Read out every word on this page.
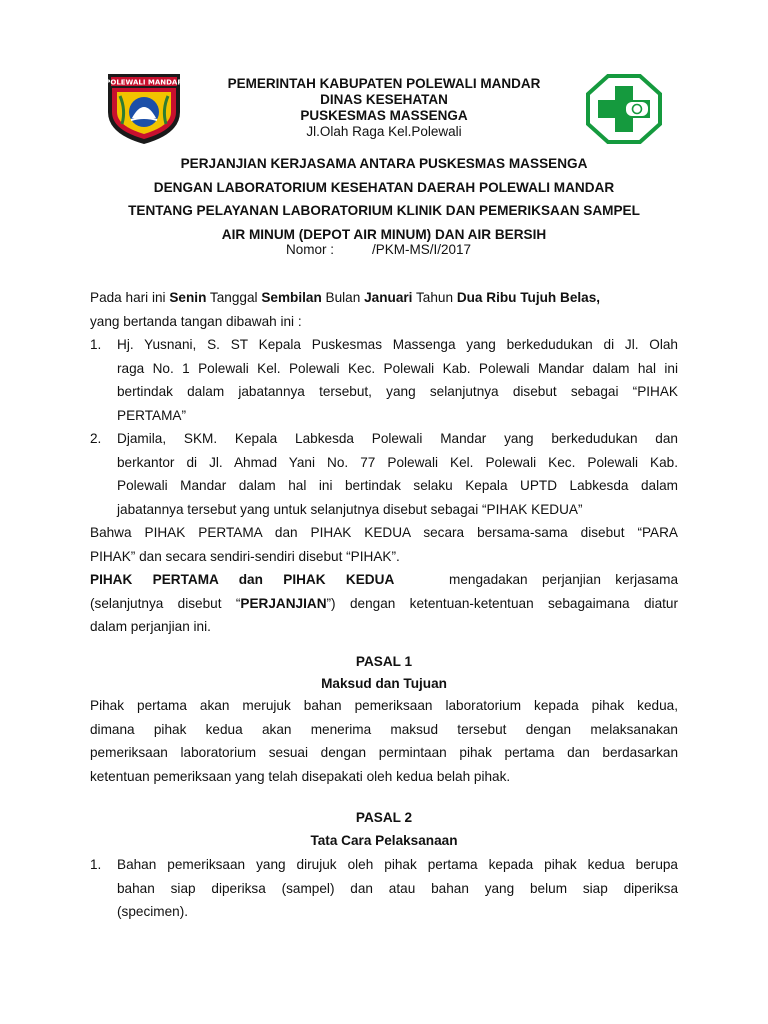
POLEWALI MANDAR	PEMERINTAH KABUPATEN POLEWALI MANDAR
DINAS KESEHATAN
PUSKESMAS MASSENGA
Jl.Olah Raga Kel.Polewali
PERJANJIAN KERJASAMA ANTARA PUSKESMAS MASSENGA
DENGAN LABORATORIUM KESEHATAN DAERAH POLEWALI MANDAR
TENTANG PELAYANAN LABORATORIUM KLINIK DAN PEMERIKSAAN SAMPEL
AIR MINUM (DEPOT AIR MINUM) DAN AIR BERSIH
Nomor :	/PKM-MS/I/2017
Pada hari ini Senin Tanggal Sembilan Bulan Januari Tahun Dua Ribu Tujuh Belas,
yang bertanda tangan dibawah ini :
1. Hj. Yusnani, S. ST Kepala Puskesmas Massenga yang berkedudukan di Jl. Olah
raga No. 1 Polewali Kel. Polewali Kec. Polewali Kab. Polewali Mandar dalam hal ini
bertindak dalam jabatannya tersebut, yang selanjutnya disebut sebagai “PIHAK
PERTAMA”
2. Djamila, SKM. Kepala Labkesda Polewali Mandar yang berkedudukan dan
berkantor di Jl. Ahmad Yani No. 77 Polewali Kel. Polewali Kec. Polewali Kab.
Polewali Mandar dalam hal ini bertindak selaku Kepala UPTD Labkesda dalam
jabatannya tersebut yang untuk selanjutnya disebut sebagai “PIHAK KEDUA”
Bahwa PIHAK PERTAMA dan PIHAK KEDUA secara bersama-sama disebut “PARA
PIHAK” dan secara sendiri-sendiri disebut “PIHAK”.
PIHAK PERTAMA dan PIHAK KEDUA	mengadakan perjanjian kerjasama
(selanjutnya disebut “PERJANJIAN”) dengan ketentuan-ketentuan sebagaimana diatur
dalam perjanjian ini.
PASAL 1
Maksud dan Tujuan
Pihak pertama akan merujuk bahan pemeriksaan laboratorium kepada pihak kedua,
dimana pihak kedua akan menerima maksud tersebut dengan melaksanakan
pemeriksaan laboratorium sesuai dengan permintaan pihak pertama dan berdasarkan
ketentuan pemeriksaan yang telah disepakati oleh kedua belah pihak.
PASAL 2
Tata Cara Pelaksanaan
1. Bahan pemeriksaan yang dirujuk oleh pihak pertama kepada pihak kedua berupa
bahan siap diperiksa (sampel) dan atau bahan yang belum siap diperiksa
(specimen).
